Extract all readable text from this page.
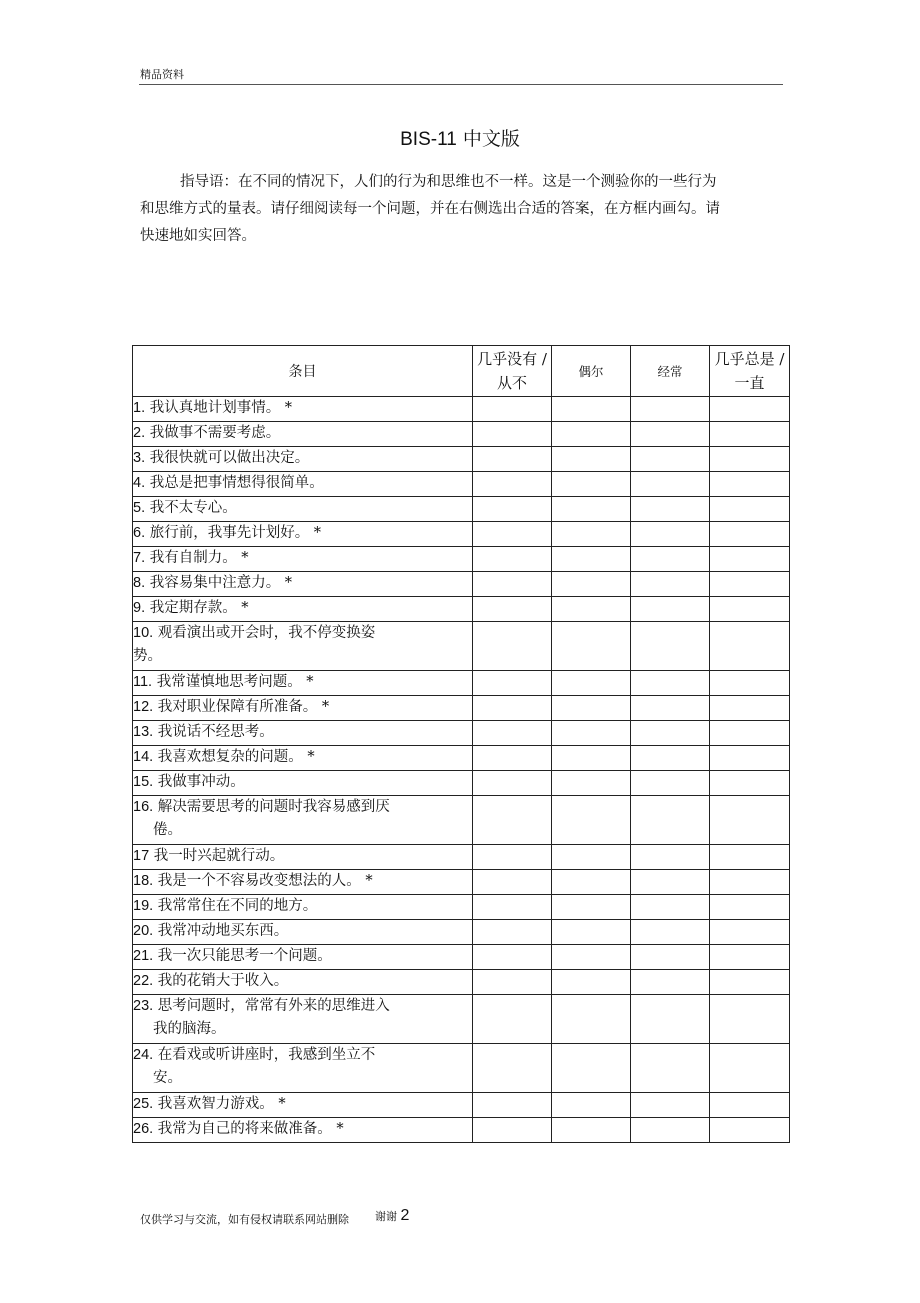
精品资料
BIS-11 中文版

指导语：在不同的情况下，人们的行为和思维也不一样。这是一个测验你的一些行为和思维方式的量表。请仔细阅读每一个问题，并在右侧选出合适的答案，在方框内画勾。请快速地如实回答。

条目	几乎没有 /从不	偶尔	经常	几乎总是 /一直

1. 我认真地计划事情。 *				

2. 我做事不需要考虑。				

3. 我很快就可以做出决定。				

4. 我总是把事情想得很简单。				

5. 我不太专心。				

6. 旅行前，我事先计划好。 *				

7. 我有自制力。 *				

8. 我容易集中注意力。 *				

9. 我定期存款。 *				

10. 观看演出或开会时，我不停变换姿
势。				

11. 我常谨慎地思考问题。 *				

12. 我对职业保障有所准备。 *				

13. 我说话不经思考。				

14. 我喜欢想复杂的问题。 *				

15. 我做事冲动。				

16. 解决需要思考的问题时我容易感到厌
倦。				

17 我一时兴起就行动。				

18. 我是一个不容易改变想法的人。 *				

19. 我常常住在不同的地方。				

20. 我常冲动地买东西。				

21. 我一次只能思考一个问题。				

22. 我的花销大于收入。				

23. 思考问题时，常常有外来的思维进入
我的脑海。				

24. 在看戏或听讲座时，我感到坐立不
安。				

25. 我喜欢智力游戏。 *				

26. 我常为自己的将来做准备。 *				

仅供学习与交流，如有侵权请联系网站删除 谢谢 2
